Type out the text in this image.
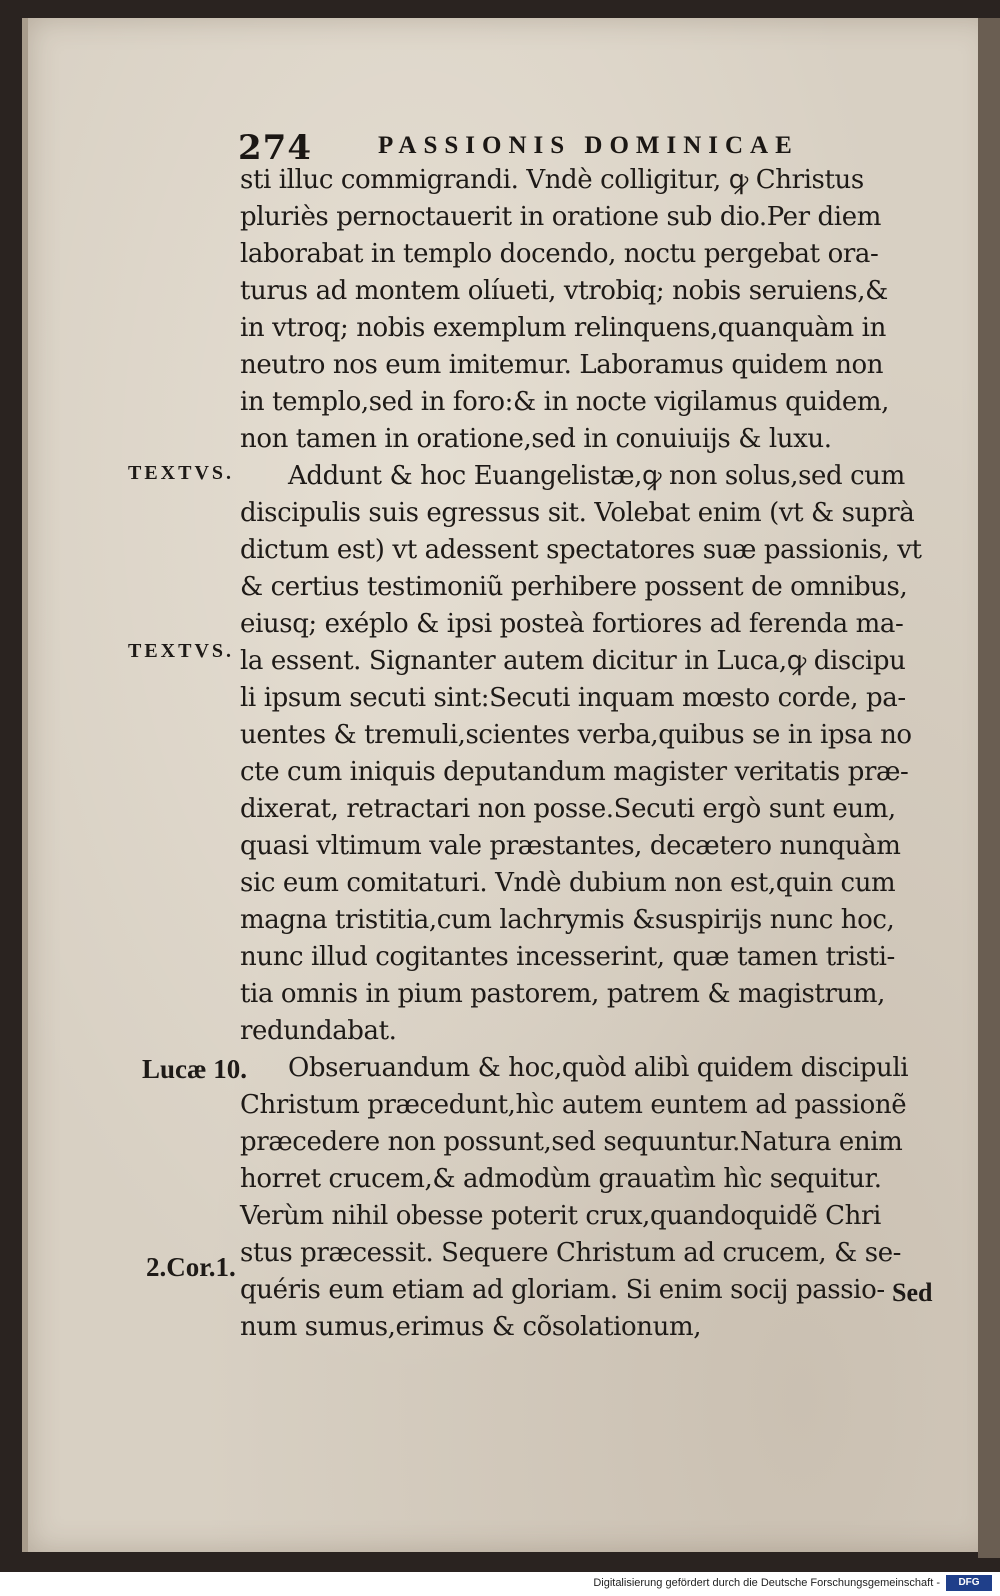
274	PASSIONIS DOMINICAE
sti illuc commigrandi. Vndè colligitur, ꝙ Christus
pluriès pernoctauerit in oratione sub dio.Per diem
laborabat in templo docendo, noctu pergebat ora-
turus ad montem olíueti, vtrobiq; nobis seruiens,&
in vtroq; nobis exemplum relinquens,quanquàm in
neutro nos eum imitemur. Laboramus quidem non
in templo,sed in foro:& in nocte vigilamus quidem,
non tamen in oratione,sed in conuiuijs & luxu.
Addunt & hoc Euangelistæ,ꝙ non solus,sed cum
discipulis suis egressus sit. Volebat enim (vt & suprà
dictum est) vt adessent spectatores suæ passionis, vt
& certius testimoniũ perhibere possent de omnibus,
eiusq; exéplo & ipsi posteà fortiores ad ferenda ma-
la essent. Signanter autem dicitur in Luca,ꝙ discipu
li ipsum secuti sint:Secuti inquam mœsto corde, pa-
uentes & tremuli,scientes verba,quibus se in ipsa no
cte cum iniquis deputandum magister veritatis præ-
dixerat, retractari non posse.Secuti ergò sunt eum,
quasi vltimum vale præstantes, decætero nunquàm
sic eum comitaturi. Vndè dubium non est,quin cum
magna tristitia,cum lachrymis &suspirijs nunc hoc,
nunc illud cogitantes incesserint, quæ tamen tristi-
tia omnis in pium pastorem, patrem & magistrum,
redundabat.
Obseruandum & hoc,quòd alibì quidem discipuli
Christum præcedunt,hìc autem euntem ad passionẽ
præcedere non possunt,sed sequuntur.Natura enim
horret crucem,& admodùm grauatìm hìc sequitur.
Verùm nihil obesse poterit crux,quandoquidẽ Chri
stus præcessit. Sequere Christum ad crucem, & se-
quéris eum etiam ad gloriam. Si enim socij passio-
num sumus,erimus & cõsolationum,
TEXTVS.
TEXTVS.
Lucæ 10.
2.Cor.1.
Sed
Digitalisierung gefördert durch die Deutsche Forschungsgemeinschaft -	DFG
